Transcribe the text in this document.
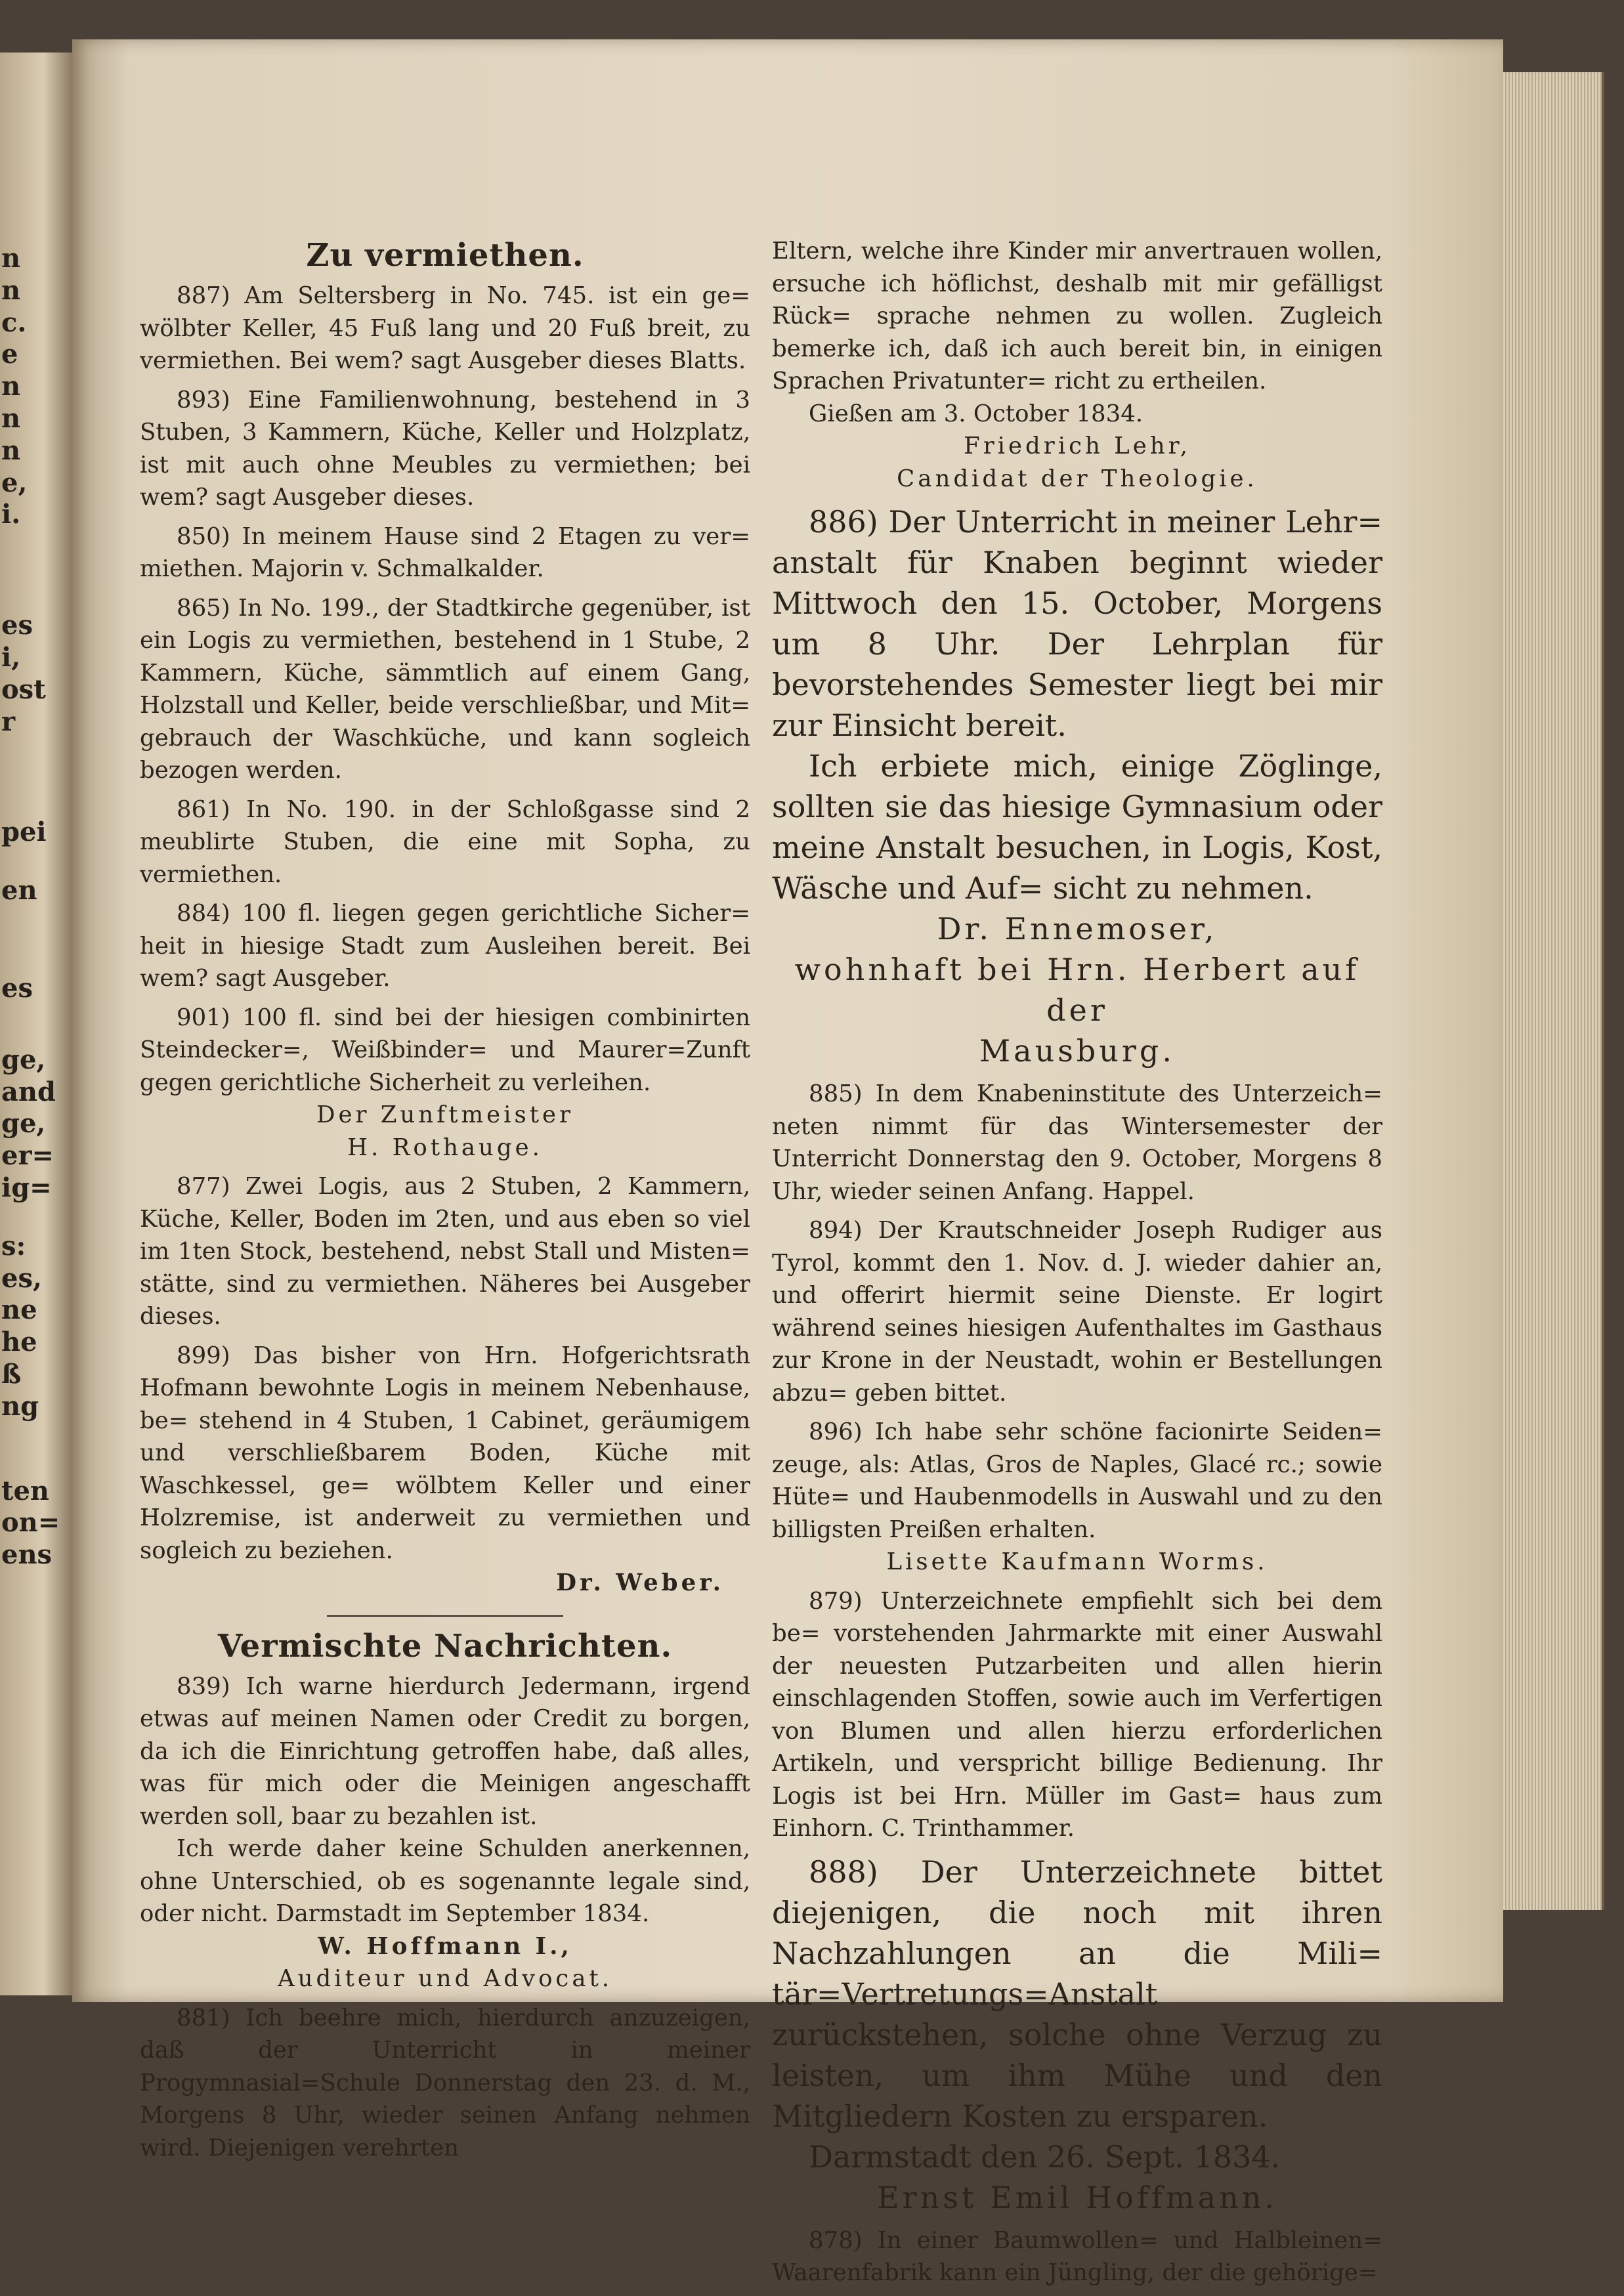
n
n
c.
e
n
n
n
e,
i.
es
i,
ost
r
pei
en
es
ge,
and
ge,
er=
ig=
s:
es,
ne
he
ß
ng
ten
on=
ens
Zu vermiethen.

887) Am Seltersberg in No. 745. ist ein ge= wölbter Keller, 45 Fuß lang und 20 Fuß breit, zu vermiethen. Bei wem? sagt Ausgeber dieses Blatts.

893) Eine Familienwohnung, bestehend in 3 Stuben, 3 Kammern, Küche, Keller und Holzplatz, ist mit auch ohne Meubles zu vermiethen; bei wem? sagt Ausgeber dieses.

850) In meinem Hause sind 2 Etagen zu ver= miethen. Majorin v. Schmalkalder.

865) In No. 199., der Stadtkirche gegenüber, ist ein Logis zu vermiethen, bestehend in 1 Stube, 2 Kammern, Küche, sämmtlich auf einem Gang, Holzstall und Keller, beide verschließbar, und Mit= gebrauch der Waschküche, und kann sogleich bezogen werden.

861) In No. 190. in der Schloßgasse sind 2 meublirte Stuben, die eine mit Sopha, zu vermiethen.

884) 100 fl. liegen gegen gerichtliche Sicher= heit in hiesige Stadt zum Ausleihen bereit. Bei wem? sagt Ausgeber.

901) 100 fl. sind bei der hiesigen combinirten Steindecker=, Weißbinder= und Maurer=Zunft gegen gerichtliche Sicherheit zu verleihen.

Der Zunftmeister
H. Rothauge.

877) Zwei Logis, aus 2 Stuben, 2 Kammern, Küche, Keller, Boden im 2ten, und aus eben so viel im 1ten Stock, bestehend, nebst Stall und Misten= stätte, sind zu vermiethen. Näheres bei Ausgeber dieses.

899) Das bisher von Hrn. Hofgerichtsrath Hofmann bewohnte Logis in meinem Nebenhause, be= stehend in 4 Stuben, 1 Cabinet, geräumigem und verschließbarem Boden, Küche mit Waschkessel, ge= wölbtem Keller und einer Holzremise, ist anderweit zu vermiethen und sogleich zu beziehen.

Dr. Weber.
Vermischte Nachrichten.

839) Ich warne hierdurch Jedermann, irgend etwas auf meinen Namen oder Credit zu borgen, da ich die Einrichtung getroffen habe, daß alles, was für mich oder die Meinigen angeschafft werden soll, baar zu bezahlen ist.

Ich werde daher keine Schulden anerkennen, ohne Unterschied, ob es sogenannte legale sind, oder nicht. Darmstadt im September 1834.

W. Hoffmann I.,
Auditeur und Advocat.

881) Ich beehre mich, hierdurch anzuzeigen, daß der Unterricht in meiner Progymnasial=Schule Donnerstag den 23. d. M., Morgens 8 Uhr, wieder seinen Anfang nehmen wird. Diejenigen verehrten

Eltern, welche ihre Kinder mir anvertrauen wollen, ersuche ich höflichst, deshalb mit mir gefälligst Rück= sprache nehmen zu wollen. Zugleich bemerke ich, daß ich auch bereit bin, in einigen Sprachen Privatunter= richt zu ertheilen.

Gießen am 3. October 1834.
Friedrich Lehr,
Candidat der Theologie.

886) Der Unterricht in meiner Lehr= anstalt für Knaben beginnt wieder Mittwoch den 15. October, Morgens um 8 Uhr. Der Lehrplan für bevorstehendes Semester liegt bei mir zur Einsicht bereit.

Ich erbiete mich, einige Zöglinge, sollten sie das hiesige Gymnasium oder meine Anstalt besuchen, in Logis, Kost, Wäsche und Auf= sicht zu nehmen.

Dr. Ennemoser,
wohnhaft bei Hrn. Herbert auf der
Mausburg.

885) In dem Knabeninstitute des Unterzeich= neten nimmt für das Wintersemester der Unterricht Donnerstag den 9. October, Morgens 8 Uhr, wieder seinen Anfang. Happel.

894) Der Krautschneider Joseph Rudiger aus Tyrol, kommt den 1. Nov. d. J. wieder dahier an, und offerirt hiermit seine Dienste. Er logirt während seines hiesigen Aufenthaltes im Gasthaus zur Krone in der Neustadt, wohin er Bestellungen abzu= geben bittet.

896) Ich habe sehr schöne facionirte Seiden= zeuge, als: Atlas, Gros de Naples, Glacé rc.; sowie Hüte= und Haubenmodells in Auswahl und zu den billigsten Preißen erhalten.

Lisette Kaufmann Worms.

879) Unterzeichnete empfiehlt sich bei dem be= vorstehenden Jahrmarkte mit einer Auswahl der neuesten Putzarbeiten und allen hierin einschlagenden Stoffen, sowie auch im Verfertigen von Blumen und allen hierzu erforderlichen Artikeln, und verspricht billige Bedienung. Ihr Logis ist bei Hrn. Müller im Gast= haus zum Einhorn. C. Trinthammer.

888) Der Unterzeichnete bittet diejenigen, die noch mit ihren Nachzahlungen an die Mili= tär=Vertretungs=Anstalt zurückstehen, solche ohne Verzug zu leisten, um ihm Mühe und den Mitgliedern Kosten zu ersparen.

Darmstadt den 26. Sept. 1834.
Ernst Emil Hoffmann.

878) In einer Baumwollen= und Halbleinen= Waarenfabrik kann ein Jüngling, der die gehörige=
